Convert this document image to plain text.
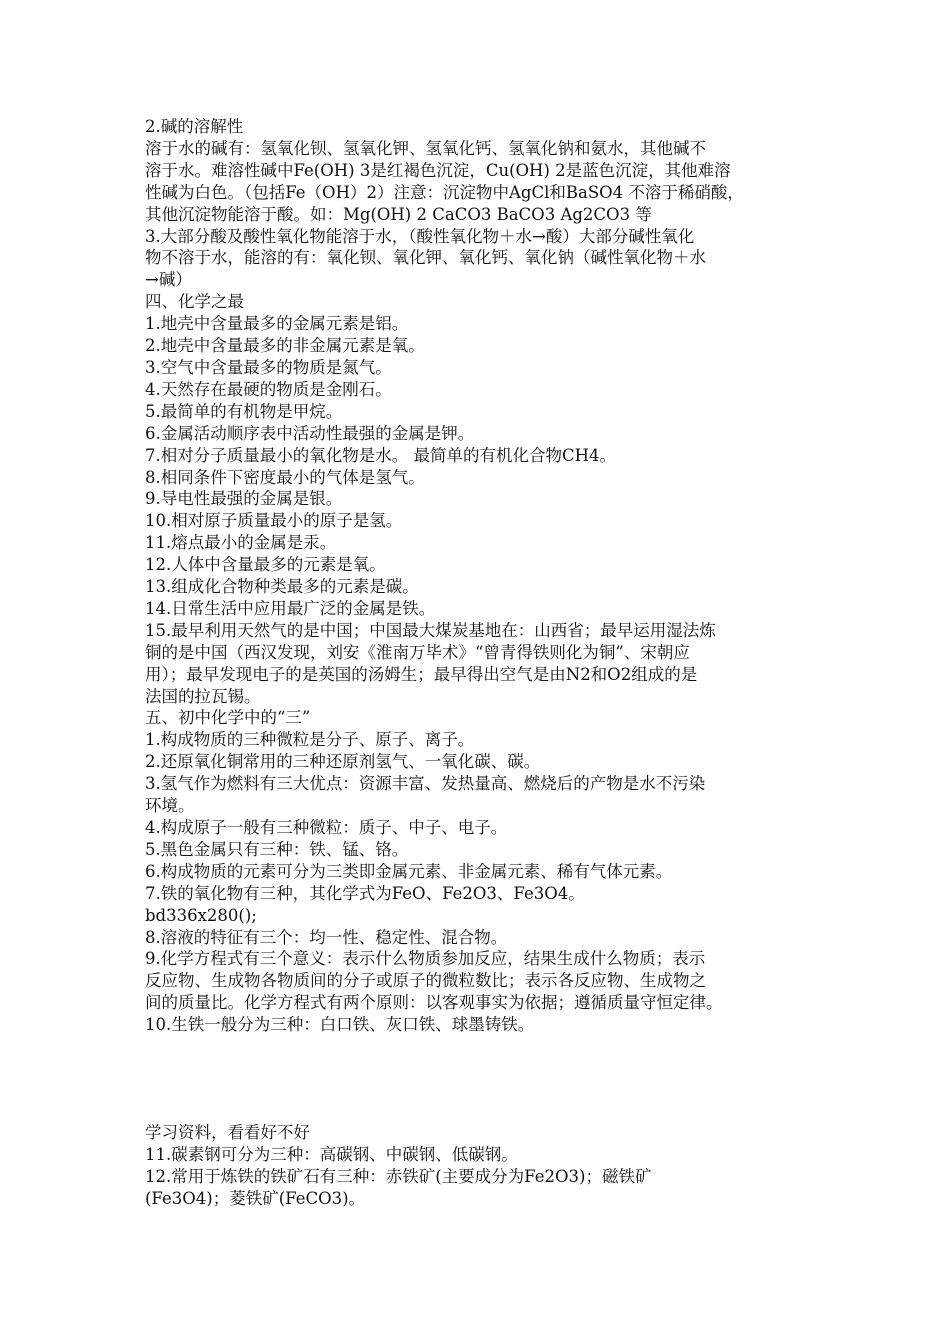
2.碱的溶解性

溶于水的碱有：氢氧化钡、氢氧化钾、氢氧化钙、氢氧化钠和氨水，其他碱不

溶于水。难溶性碱中Fe(OH) 3是红褐色沉淀，Cu(OH) 2是蓝色沉淀，其他难溶

性碱为白色。（包括Fe（OH）2）注意：沉淀物中AgCl和BaSO4 不溶于稀硝酸，

其他沉淀物能溶于酸。如：Mg(OH) 2 CaCO3 BaCO3 Ag2CO3 等

3.大部分酸及酸性氧化物能溶于水，（酸性氧化物＋水→酸）大部分碱性氧化

物不溶于水，能溶的有：氧化钡、氧化钾、氧化钙、氧化钠（碱性氧化物＋水

→碱）

四、化学之最

1.地壳中含量最多的金属元素是铝。

2.地壳中含量最多的非金属元素是氧。

3.空气中含量最多的物质是氮气。

4.天然存在最硬的物质是金刚石。

5.最简单的有机物是甲烷。

6.金属活动顺序表中活动性最强的金属是钾。

7.相对分子质量最小的氧化物是水。 最简单的有机化合物CH4。

8.相同条件下密度最小的气体是氢气。

9.导电性最强的金属是银。

10.相对原子质量最小的原子是氢。

11.熔点最小的金属是汞。

12.人体中含量最多的元素是氧。

13.组成化合物种类最多的元素是碳。

14.日常生活中应用最广泛的金属是铁。

15.最早利用天然气的是中国；中国最大煤炭基地在：山西省；最早运用湿法炼

铜的是中国（西汉发现，刘安《淮南万毕术》“曾青得铁则化为铜”、宋朝应

用）；最早发现电子的是英国的汤姆生；最早得出空气是由N2和O2组成的是

法国的拉瓦锡。

五、初中化学中的“三”

1.构成物质的三种微粒是分子、原子、离子。

2.还原氧化铜常用的三种还原剂氢气、一氧化碳、碳。

3.氢气作为燃料有三大优点：资源丰富、发热量高、燃烧后的产物是水不污染

环境。

4.构成原子一般有三种微粒：质子、中子、电子。

5.黑色金属只有三种：铁、锰、铬。

6.构成物质的元素可分为三类即金属元素、非金属元素、稀有气体元素。

7.铁的氧化物有三种，其化学式为FeO、Fe2O3、Fe3O4。

bd336x280();

8.溶液的特征有三个：均一性、稳定性、混合物。

9.化学方程式有三个意义：表示什么物质参加反应，结果生成什么物质；表示

反应物、生成物各物质间的分子或原子的微粒数比；表示各反应物、生成物之

间的质量比。化学方程式有两个原则：以客观事实为依据；遵循质量守恒定律。

10.生铁一般分为三种：白口铁、灰口铁、球墨铸铁。

学习资料，看看好不好

11.碳素钢可分为三种：高碳钢、中碳钢、低碳钢。

12.常用于炼铁的铁矿石有三种：赤铁矿(主要成分为Fe2O3)；磁铁矿

(Fe3O4)；菱铁矿(FeCO3)。
